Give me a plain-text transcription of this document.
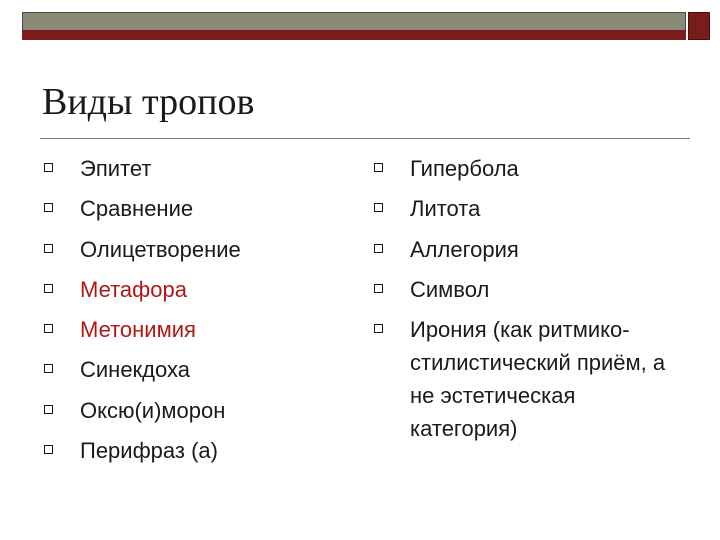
Виды тропов
Эпитет
Сравнение
Олицетворение
Метафора
Метонимия
Синекдоха
Оксю(и)морон
Перифраз (а)
Гипербола
Литота
Аллегория
Символ
Ирония (как ритмико-стилистический приём, а не эстетическая категория)
